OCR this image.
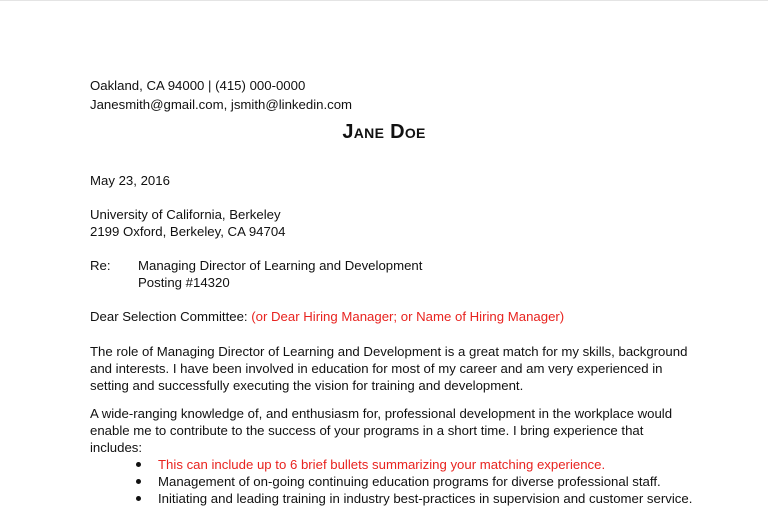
Oakland, CA 94000 | (415) 000-0000
Janesmith@gmail.com, jsmith@linkedin.com
Jane Doe
May 23, 2016
University of California, Berkeley
2199 Oxford, Berkeley, CA 94704
Re: Managing Director of Learning and Development
Posting #14320
Dear Selection Committee: (or Dear Hiring Manager; or Name of Hiring Manager)
The role of Managing Director of Learning and Development is a great match for my skills, background
and interests. I have been involved in education for most of my career and am very experienced in
setting and successfully executing the vision for training and development.
A wide-ranging knowledge of, and enthusiasm for, professional development in the workplace would
enable me to contribute to the success of your programs in a short time. I bring experience that
includes:
This can include up to 6 brief bullets summarizing your matching experience.
Management of on-going continuing education programs for diverse professional staff.
Initiating and leading training in industry best-practices in supervision and customer service.
